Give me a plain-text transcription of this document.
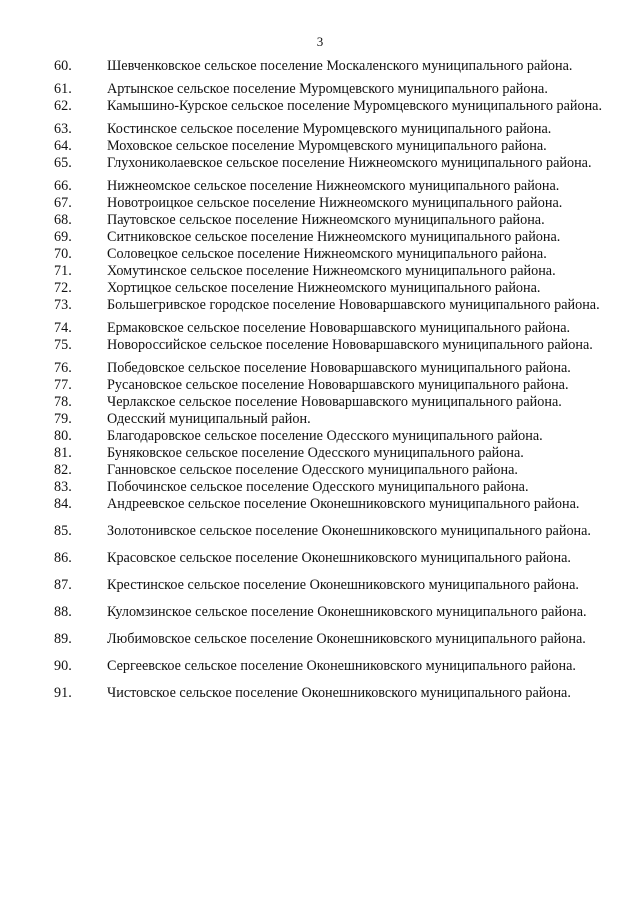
3
60. Шевченковское сельское поселение Москаленского муниципального района.
61. Артынское сельское поселение Муромцевского муниципального района.
62. Камышино-Курское сельское поселение Муромцевского муниципального района.
63. Костинское сельское поселение Муромцевского муниципального района.
64. Моховское сельское поселение Муромцевского муниципального района.
65. Глухониколаевское сельское поселение Нижнеомского муниципального района.
66. Нижнеомское сельское поселение Нижнеомского муниципального района.
67. Новотроицкое сельское поселение Нижнеомского муниципального района.
68. Паутовское сельское поселение Нижнеомского муниципального района.
69. Ситниковское сельское поселение Нижнеомского муниципального района.
70. Соловецкое сельское поселение Нижнеомского муниципального района.
71. Хомутинское сельское поселение Нижнеомского муниципального района.
72. Хортицкое сельское поселение Нижнеомского муниципального района.
73. Большегривское городское поселение Нововаршавского муниципального района.
74. Ермаковское сельское поселение Нововаршавского муниципального района.
75. Новороссийское сельское поселение Нововаршавского муниципального района.
76. Победовское сельское поселение Нововаршавского муниципального района.
77. Русановское сельское поселение Нововаршавского муниципального района.
78. Черлакское сельское поселение Нововаршавского муниципального района.
79. Одесский муниципальный район.
80. Благодаровское сельское поселение Одесского муниципального района.
81. Буняковское сельское поселение Одесского муниципального района.
82. Ганновское сельское поселение Одесского муниципального района.
83. Побочинское сельское поселение Одесского муниципального района.
84. Андреевское сельское поселение Оконешниковского муниципального района.
85. Золотонивское сельское поселение Оконешниковского муниципального района.
86. Красовское сельское поселение Оконешниковского муниципального района.
87. Крестинское сельское поселение Оконешниковского муниципального района.
88. Куломзинское сельское поселение Оконешниковского муниципального района.
89. Любимовское сельское поселение Оконешниковского муниципального района.
90. Сергеевское сельское поселение Оконешниковского муниципального района.
91. Чистовское сельское поселение Оконешниковского муниципального района.
